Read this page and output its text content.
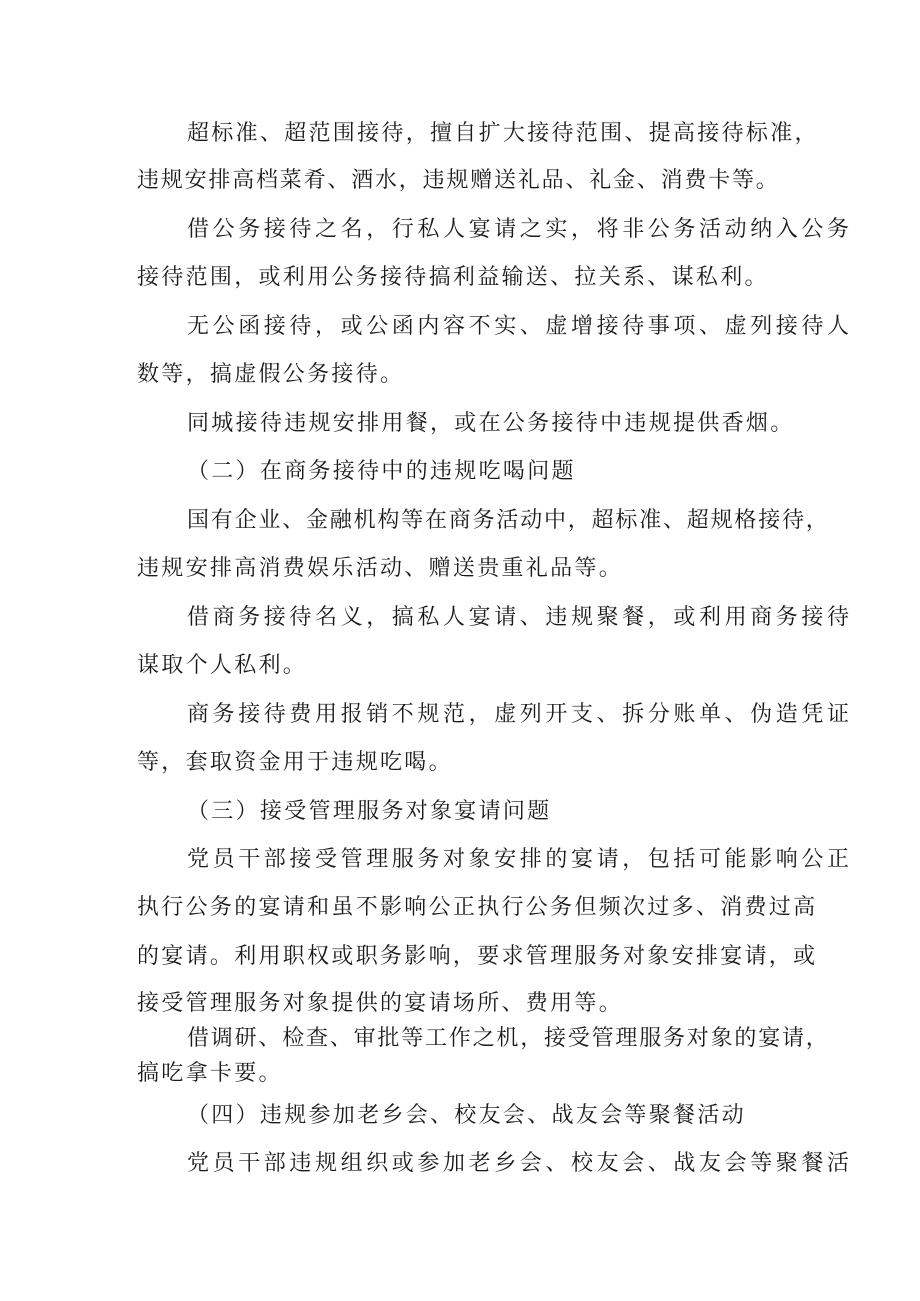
超标准、超范围接待，擅自扩大接待范围、提高接待标准，
违规安排高档菜肴、酒水，违规赠送礼品、礼金、消费卡等。
借公务接待之名，行私人宴请之实，将非公务活动纳入公务
接待范围，或利用公务接待搞利益输送、拉关系、谋私利。
无公函接待，或公函内容不实、虚增接待事项、虚列接待人
数等，搞虚假公务接待。
同城接待违规安排用餐，或在公务接待中违规提供香烟。
（二）在商务接待中的违规吃喝问题
国有企业、金融机构等在商务活动中，超标准、超规格接待，
违规安排高消费娱乐活动、赠送贵重礼品等。
借商务接待名义，搞私人宴请、违规聚餐，或利用商务接待
谋取个人私利。
商务接待费用报销不规范，虚列开支、拆分账单、伪造凭证
等，套取资金用于违规吃喝。
（三）接受管理服务对象宴请问题
党员干部接受管理服务对象安排的宴请，包括可能影响公正
执行公务的宴请和虽不影响公正执行公务但频次过多、消费过高
的宴请。利用职权或职务影响，要求管理服务对象安排宴请，或
接受管理服务对象提供的宴请场所、费用等。
借调研、检查、审批等工作之机，接受管理服务对象的宴请，
搞吃拿卡要。
（四）违规参加老乡会、校友会、战友会等聚餐活动
党员干部违规组织或参加老乡会、校友会、战友会等聚餐活
